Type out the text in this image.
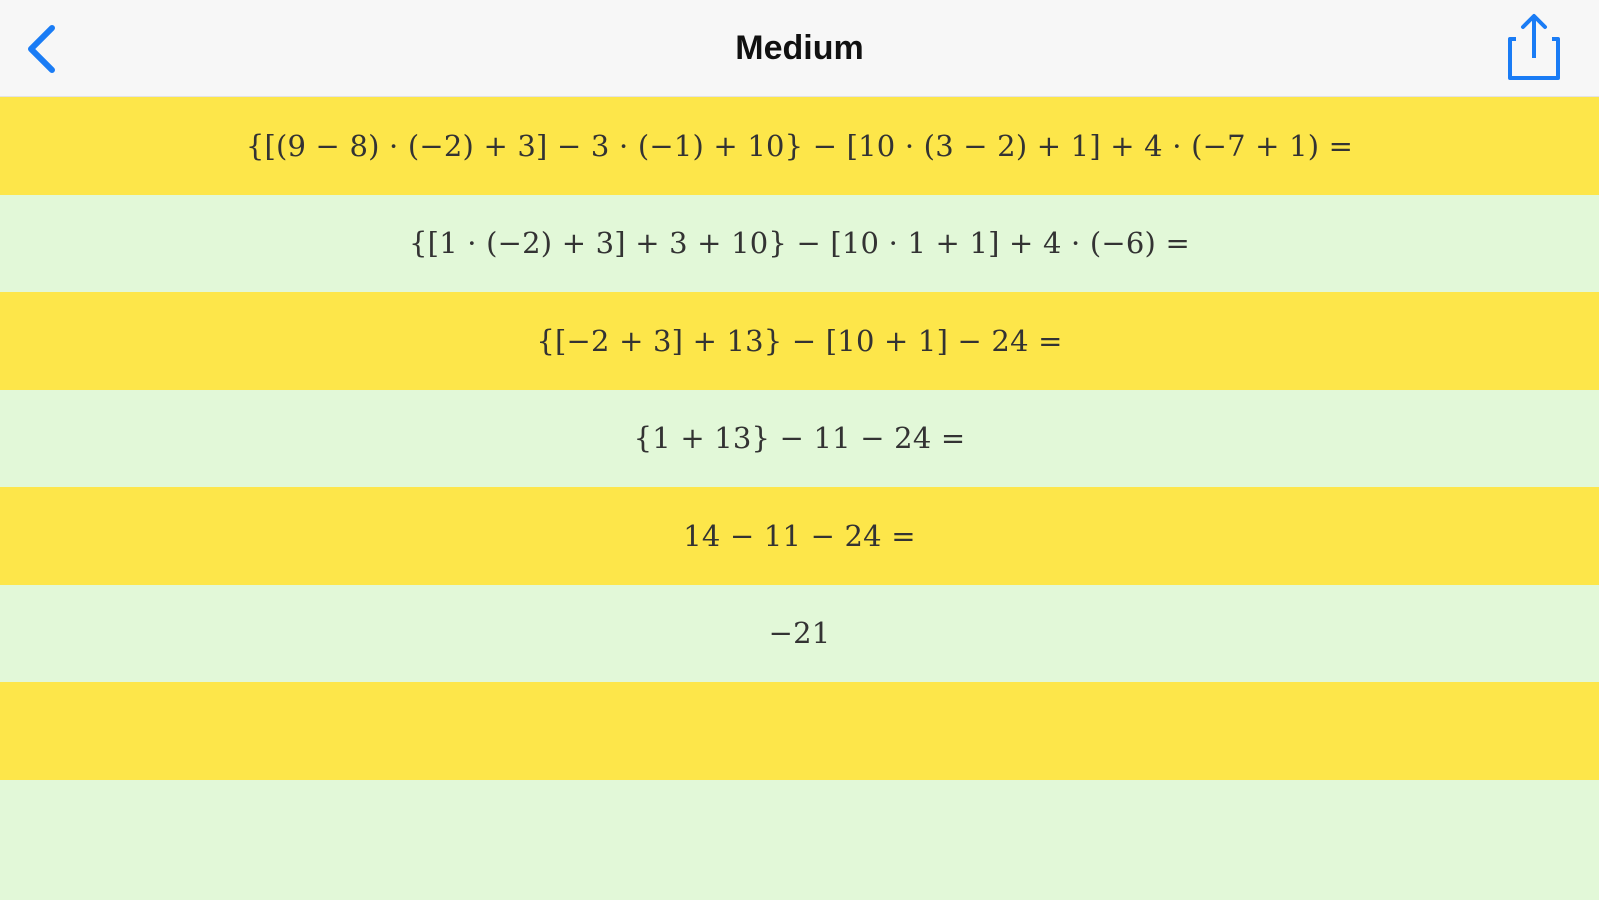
Medium
{[(9 − 8) · (−2) + 3] − 3 · (−1) + 10} − [10 · (3 − 2) + 1] + 4 · (−7 + 1) =
{[1 · (−2) + 3] + 3 + 10} − [10 · 1 + 1] + 4 · (−6) =
{[−2 + 3] + 13} − [10 + 1] − 24 =
{1 + 13} − 11 − 24 =
14 − 11 − 24 =
−21
